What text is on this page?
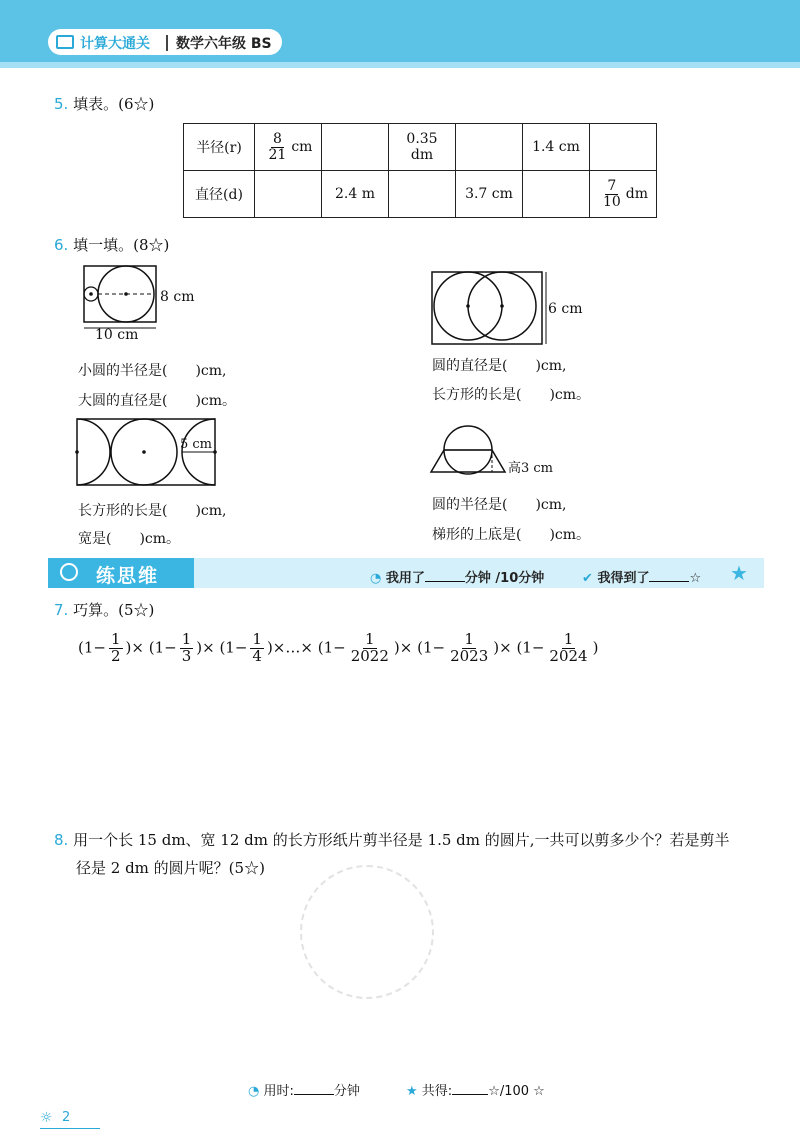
计算大通关 数学六年级 BS
5. 填表。(6☆)
半径(r)	$\frac{8}{21}$ cm		0.35 dm		1.4 cm	
直径(d)		2.4 m		3.7 cm		$\frac{7}{10}$ dm
6. 填一填。(8☆)
8 cm
10 cm
小圆的半径是(　　)cm,
大圆的直径是(　　)cm。
6 cm
圆的直径是(　　)cm,
长方形的长是(　　)cm。
5 cm
长方形的长是(　　)cm,
宽是(　　)cm。
高3 cm
圆的半径是(　　)cm,
梯形的上底是(　　)cm。
练思维	◔ 我用了	分钟 /10分钟	✔ 我得到了	☆ ★
7. 巧算。(5☆)
($1- \frac{1}{2}$ )× ($1- \frac{1}{3}$ )× ($1- \frac{1}{4}$ )×…× ($1- \frac{1}{2022}$ )× ($1- \frac{1}{2023}$ )× ($1- \frac{1}{2024}$ )
8. 用一个长 15 dm、宽 12 dm 的长方形纸片剪半径是 1.5 dm 的圆片,一共可以剪多少个？若是剪半
径是 2 dm 的圆片呢？(5☆)
◔ 用时:	分钟	★ 共得:	☆/100 ☆
☼ 2
